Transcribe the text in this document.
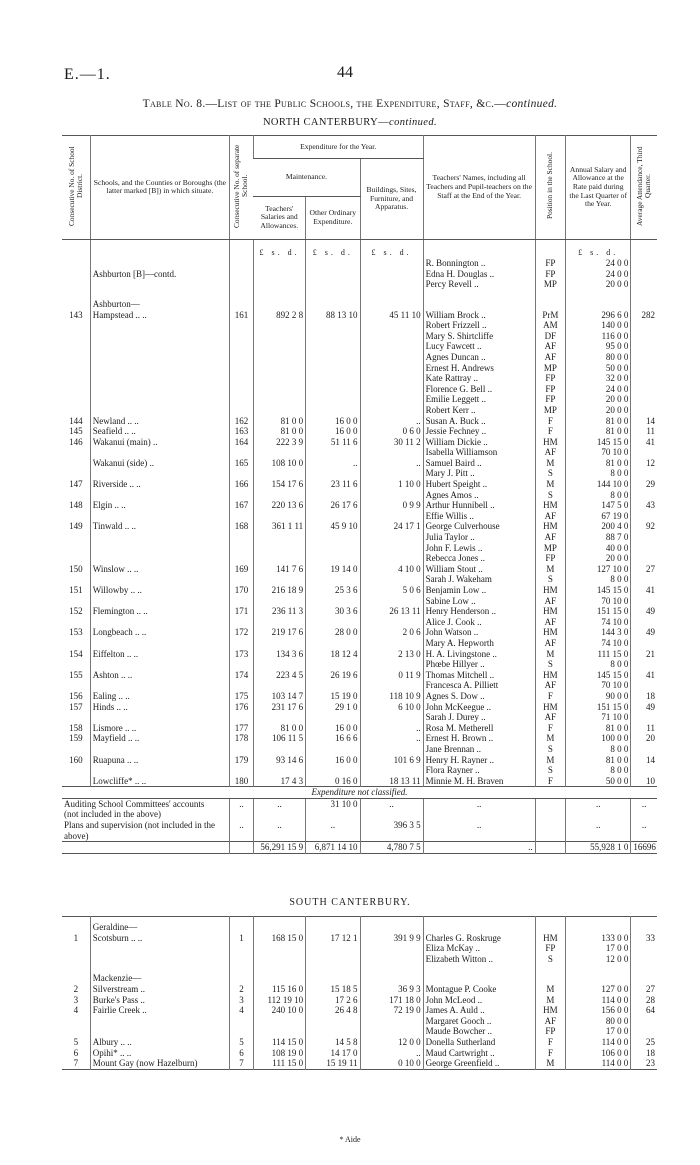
E.—1.	44
Table No. 8.—List of the Public Schools, the Expenditure, Staff, &c.—continued.
NORTH CANTERBURY—continued.
Consecutive No. of School District.	Schools, and the Counties or Boroughs (the latter marked [B]) in which situate.	Consecutive No. of separate School.	Expenditure for the Year.			Teachers' Names, including all Teachers and Pupil-teachers on the Staff at the End of the Year.	Position in the School.	Annual Salary and Allowance at the Rate paid during the Last Quarter of the Year.	Average Attendance, Third Quarter.
			Maintenance.		Buildings, Sites, Furniture, and Apparatus.				
			Teachers' Salaries and Allowances.	Other Ordinary Expenditure.					
			£ s. d.	£ s. d.	£ s. d.			£ s. d.	
						R. Bonnington ..	FP	24 0 0	
	Ashburton [B]—contd.					Edna H. Douglas ..	FP	24 0 0	
						Percy Revell ..	MP	20 0 0	

	Ashburton—								
143	Hampstead .. ..	161	892 2 8	88 13 10	45 11 10	William Brock ..	PrM	296 6 0	282
						Robert Frizzell ..	AM	140 0 0	
						Mary S. Shirtcliffe	DF	116 0 0	
						Lucy Fawcett ..	AF	95 0 0	
						Agnes Duncan ..	AF	80 0 0	
						Ernest H. Andrews	MP	50 0 0	
						Kate Rattray ..	FP	32 0 0	
						Florence G. Bell ..	FP	24 0 0	
						Emilie Leggett ..	FP	20 0 0	
						Robert Kerr ..	MP	20 0 0	
144	Newland .. ..	162	81 0 0	16 0 0	..	Susan A. Buck ..	F	81 0 0	14
145	Seafield .. ..	163	81 0 0	16 0 0	0 6 0	Jessie Fechney ..	F	81 0 0	11
146	Wakanui (main) ..	164	222 3 9	51 11 6	30 11 2	William Dickie ..	HM	145 15 0	41
						Isabella Williamson	AF	70 10 0	
	Wakanui (side) ..	165	108 10 0	..	..	Samuel Baird ..	M	81 0 0	12
						Mary J. Pitt ..	S	8 0 0	
147	Riverside .. ..	166	154 17 6	23 11 6	1 10 0	Hubert Speight ..	M	144 10 0	29
						Agnes Amos ..	S	8 0 0	
148	Elgin .. ..	167	220 13 6	26 17 6	0 9 9	Arthur Hunnibell ..	HM	147 5 0	43
						Effie Willis ..	AF	67 19 0	
149	Tinwald .. ..	168	361 1 11	45 9 10	24 17 1	George Culverhouse	HM	200 4 0	92
						Julia Taylor ..	AF	88 7 0	
						John F. Lewis ..	MP	40 0 0	
						Rebecca Jones ..	FP	20 0 0	
150	Winslow .. ..	169	141 7 6	19 14 0	4 10 0	William Stout ..	M	127 10 0	27
						Sarah J. Wakeham	S	8 0 0	
151	Willowby .. ..	170	216 18 9	25 3 6	5 0 6	Benjamin Low ..	HM	145 15 0	41
						Sabine Low ..	AF	70 10 0	
152	Flemington .. ..	171	236 11 3	30 3 6	26 13 11	Henry Henderson ..	HM	151 15 0	49
						Alice J. Cook ..	AF	74 10 0	
153	Longbeach .. ..	172	219 17 6	28 0 0	2 0 6	John Watson ..	HM	144 3 0	49
						Mary A. Hepworth	AF	74 10 0	
154	Eiffelton .. ..	173	134 3 6	18 12 4	2 13 0	H. A. Livingstone ..	M	111 15 0	21
						Phœbe Hillyer ..	S	8 0 0	
155	Ashton .. ..	174	223 4 5	26 19 6	0 11 9	Thomas Mitchell ..	HM	145 15 0	41
						Francesca A. Pilliett	AF	70 10 0	
156	Ealing .. ..	175	103 14 7	15 19 0	118 10 9	Agnes S. Dow ..	F	90 0 0	18
157	Hinds .. ..	176	231 17 6	29 1 0	6 10 0	John McKeegue ..	HM	151 15 0	49
						Sarah J. Durey ..	AF	71 10 0	
158	Lismore .. ..	177	81 0 0	16 0 0	..	Rosa M. Metherell	F	81 0 0	11
159	Mayfield .. ..	178	106 11 5	16 6 6	..	Ernest H. Brown ..	M	100 0 0	20
						Jane Brennan ..	S	8 0 0	
160	Ruapuna .. ..	179	93 14 6	16 0 0	101 6 9	Henry H. Rayner ..	M	81 0 0	14
						Flora Rayner ..	S	8 0 0	
	Lowcliffe* .. ..	180	17 4 3	0 16 0	18 13 11	Minnie M. H. Braven	F	50 0 0	10
Expenditure not classified.									
Auditing School Committees' accounts (not included in the above)		..	..	31 10 0	..	..		..	..
Plans and supervision (not included in the above)		..	..	..	396 3 5	..		..	..
			56,291 15 9	6,871 14 10	4,780 7 5	..		55,928 1 0	16696
SOUTH CANTERBURY.

	Geraldine—								
1	Scotsburn .. ..	1	168 15 0	17 12 1	391 9 9	Charles G. Roskruge	HM	133 0 0	33
						Eliza McKay ..	FP	17 0 0	
						Elizabeth Witton ..	S	12 0 0	

	Mackenzie—								
2	Silverstream ..	2	115 16 0	15 18 5	36 9 3	Montague P. Cooke	M	127 0 0	27
3	Burke's Pass ..	3	112 19 10	17 2 6	171 18 0	John McLeod ..	M	114 0 0	28
4	Fairlie Creek ..	4	240 10 0	26 4 8	72 19 0	James A. Auld ..	HM	156 0 0	64
						Margaret Gooch ..	AF	80 0 0	
						Maude Bowcher ..	FP	17 0 0	
5	Albury .. ..	5	114 15 0	14 5 8	12 0 0	Donella Sutherland	F	114 0 0	25
6	Opihi* .. ..	6	108 19 0	14 17 0	..	Maud Cartwright ..	F	106 0 0	18
7	Mount Gay (now Hazelburn)	7	111 15 0	15 19 11	0 10 0	George Greenfield ..	M	114 0 0	23
* Aide
